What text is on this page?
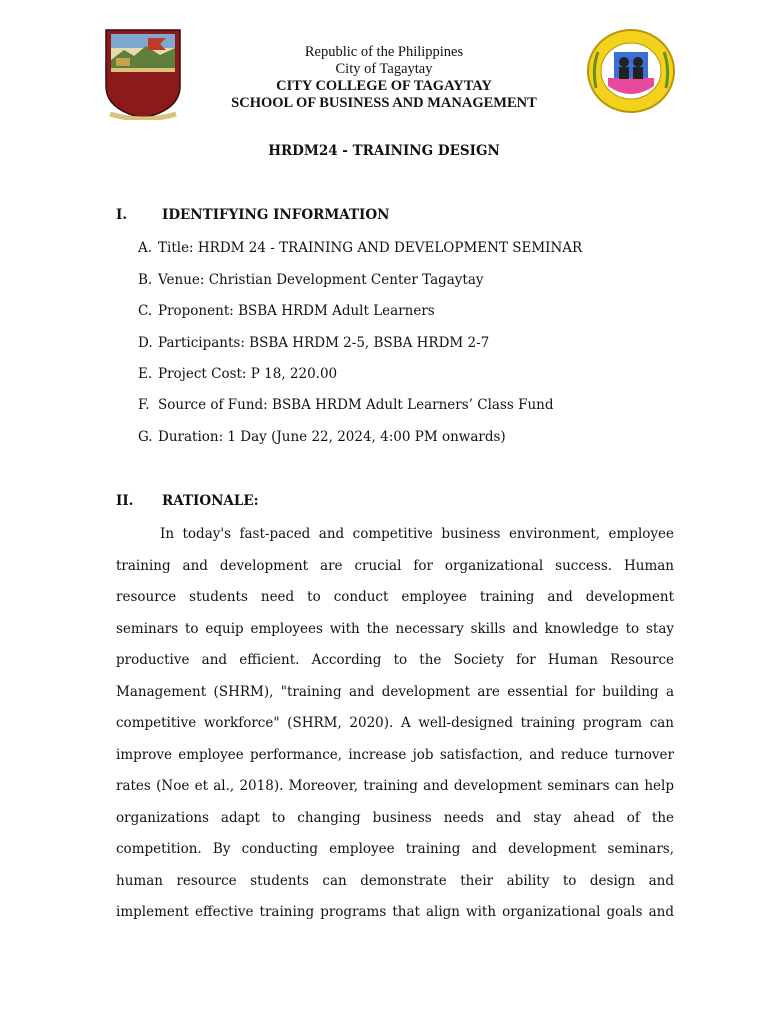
Republic of the Philippines
City of Tagaytay
CITY COLLEGE OF TAGAYTAY
SCHOOL OF BUSINESS AND MANAGEMENT
HRDM24 - TRAINING DESIGN
I.	IDENTIFYING INFORMATION
A. Title: HRDM 24 - TRAINING AND DEVELOPMENT SEMINAR
B. Venue: Christian Development Center Tagaytay
C. Proponent: BSBA HRDM Adult Learners
D. Participants: BSBA HRDM 2-5, BSBA HRDM 2-7
E. Project Cost: P 18, 220.00
F. Source of Fund: BSBA HRDM Adult Learners’ Class Fund
G. Duration: 1 Day (June 22, 2024, 4:00 PM onwards)
II. RATIONALE:
In today's fast-paced and competitive business environment, employee
training and development are crucial for organizational success. Human
resource students need to conduct employee training and development
seminars to equip employees with the necessary skills and knowledge to stay
productive and efficient. According to the Society for Human Resource
Management (SHRM), "training and development are essential for building a
competitive workforce" (SHRM, 2020). A well-designed training program can
improve employee performance, increase job satisfaction, and reduce turnover
rates (Noe et al., 2018). Moreover, training and development seminars can help
organizations adapt to changing business needs and stay ahead of the
competition. By conducting employee training and development seminars,
human resource students can demonstrate their ability to design and
implement effective training programs that align with organizational goals and
